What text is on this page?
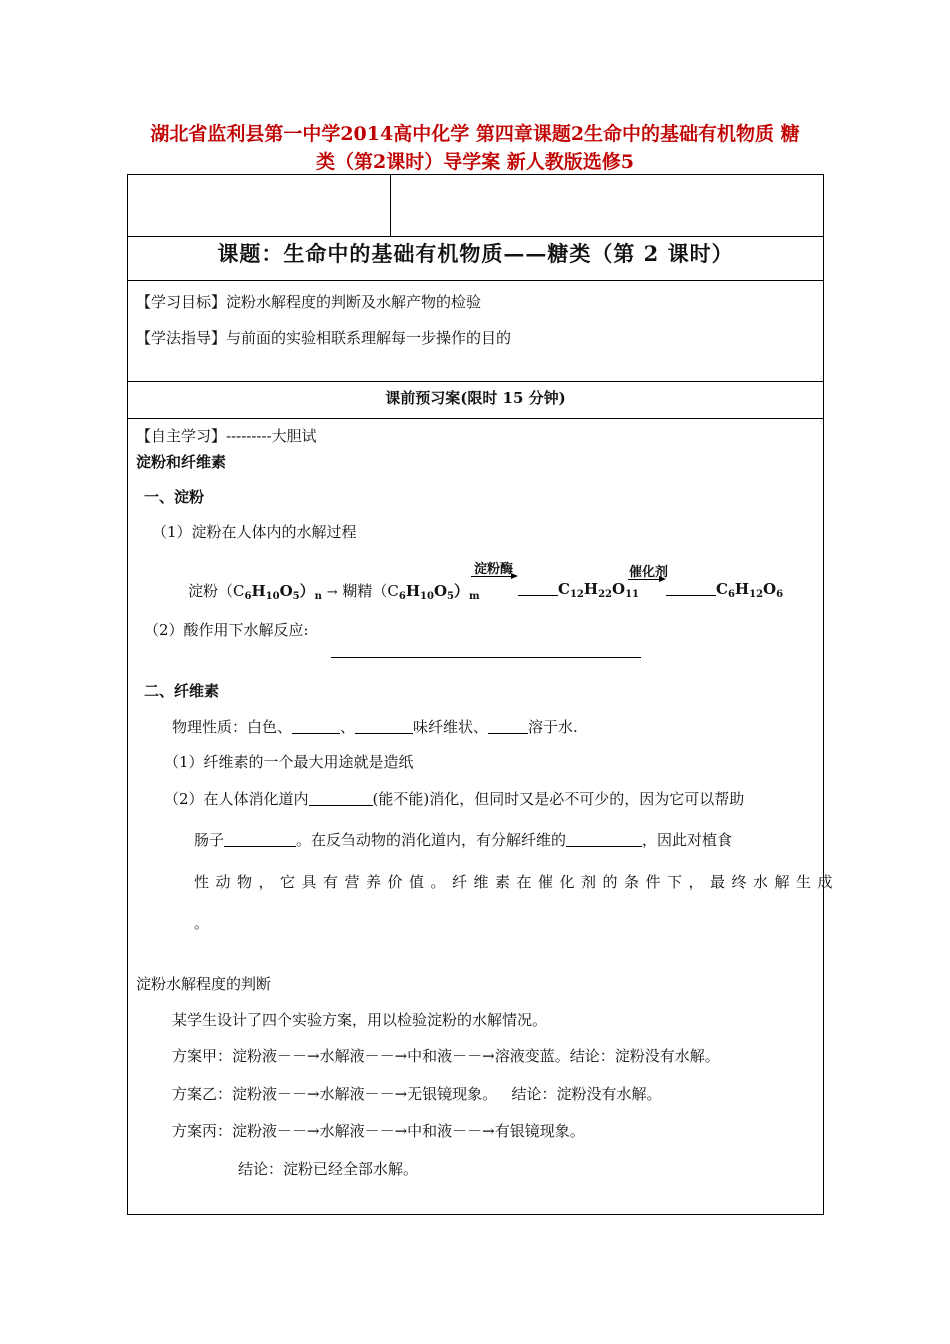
湖北省监利县第一中学2014高中化学 第四章课题2生命中的基础有机物质 糖
类（第2课时）导学案 新人教版选修5
课题：生命中的基础有机物质——糖类（第 2 课时）
【学习目标】淀粉水解程度的判断及水解产物的检验
【学法指导】与前面的实验相联系理解每一步操作的目的
课前预习案(限时 15 分钟)
【自主学习】---------大胆试
淀粉和纤维素
一、淀粉
（1）淀粉在人体内的水解过程
淀粉$(C_6H_{10}O_5)_n$ → 糊精$(C_6H_{10}O_5)_m$
淀粉酶
$C_{12}H_{22}O_{11}$
催化剂
$C_6H_{12}O_6$
（2）酸作用下水解反应:
二、纤维素
物理性质：白色、	、	味纤维状、	溶于水.
（1）纤维素的一个最大用途就是造纸
（2）在人体消化道内	(能不能)消化，但同时又是必不可少的，因为它可以帮助
肠子	。在反刍动物的消化道内，有分解纤维的	，因此对植食
性动物，它具有营养价值。纤维素在催化剂的条件下，最终水解生成
。
淀粉水解程度的判断
某学生设计了四个实验方案，用以检验淀粉的水解情况。
方案甲：淀粉液－－→水解液－－→中和液－－→溶液变蓝。结论：淀粉没有水解。
方案乙：淀粉液－－→水解液－－→无银镜现象。   结论：淀粉没有水解。
方案丙：淀粉液－－→水解液－－→中和液－－→有银镜现象。
结论：淀粉已经全部水解。
